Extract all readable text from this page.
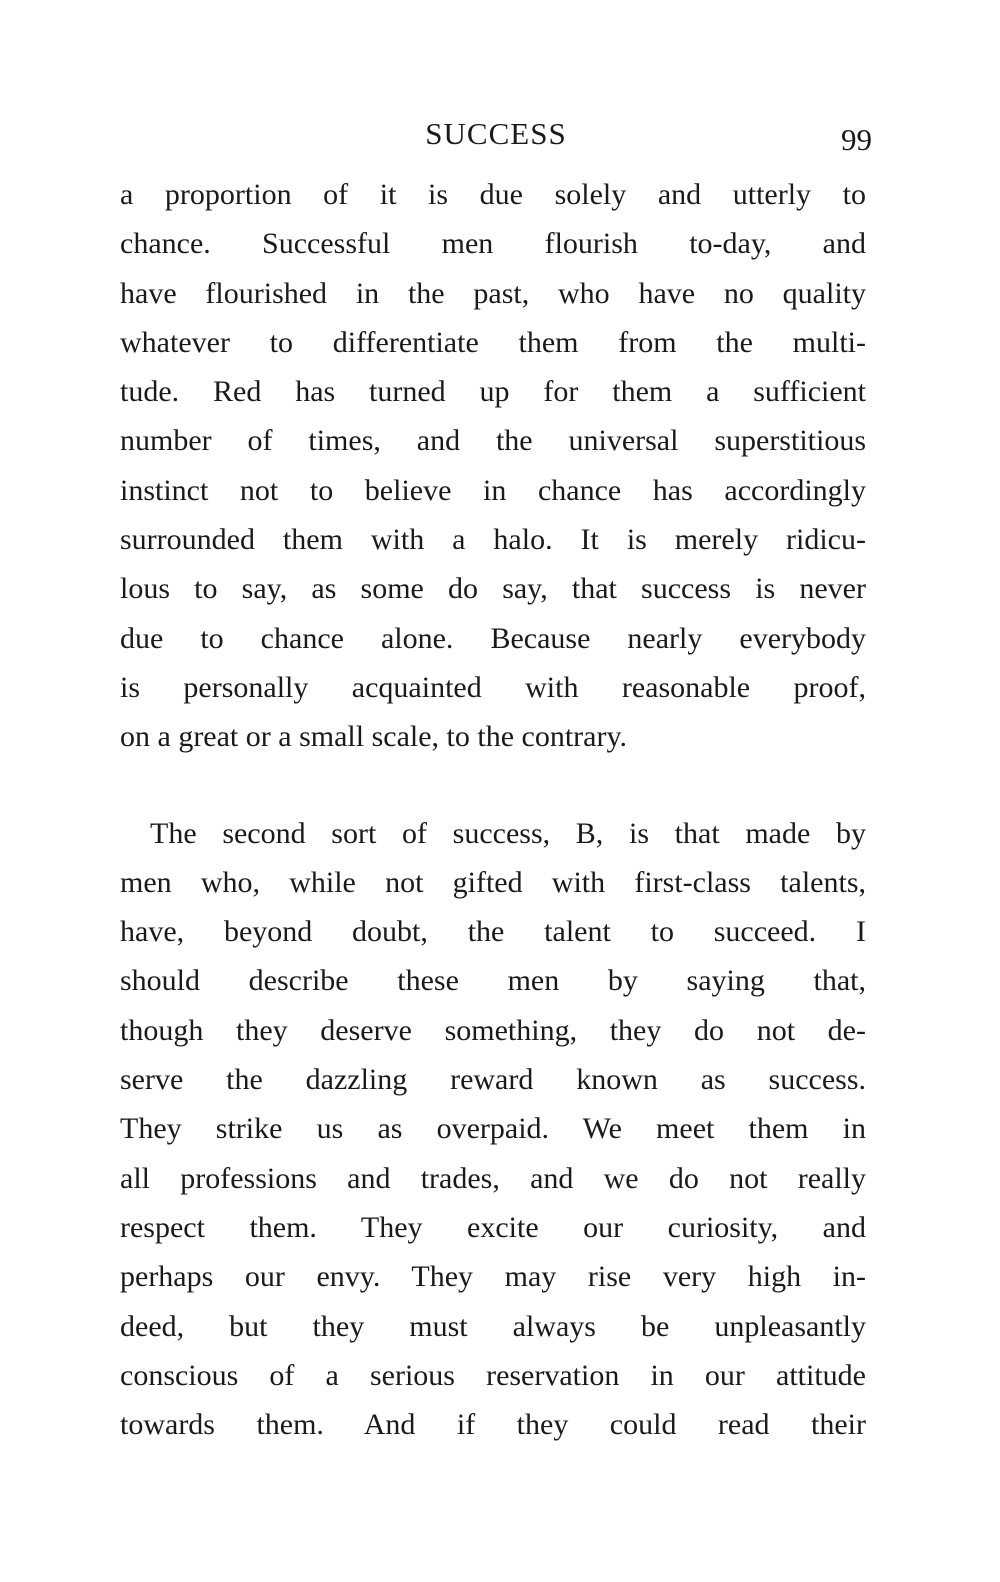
SUCCESS	99
a proportion of it is due solely and utterly to
chance. Successful men flourish to-day, and
have flourished in the past, who have no quality
whatever to differentiate them from the multi-
tude. Red has turned up for them a sufficient
number of times, and the universal superstitious
instinct not to believe in chance has accordingly
surrounded them with a halo. It is merely ridicu-
lous to say, as some do say, that success is never
due to chance alone. Because nearly everybody
is personally acquainted with reasonable proof,
on a great or a small scale, to the contrary.
The second sort of success, B, is that made by
men who, while not gifted with first-class talents,
have, beyond doubt, the talent to succeed. I
should describe these men by saying that,
though they deserve something, they do not de-
serve the dazzling reward known as success.
They strike us as overpaid. We meet them in
all professions and trades, and we do not really
respect them. They excite our curiosity, and
perhaps our envy. They may rise very high in-
deed, but they must always be unpleasantly
conscious of a serious reservation in our attitude
towards them. And if they could read their
